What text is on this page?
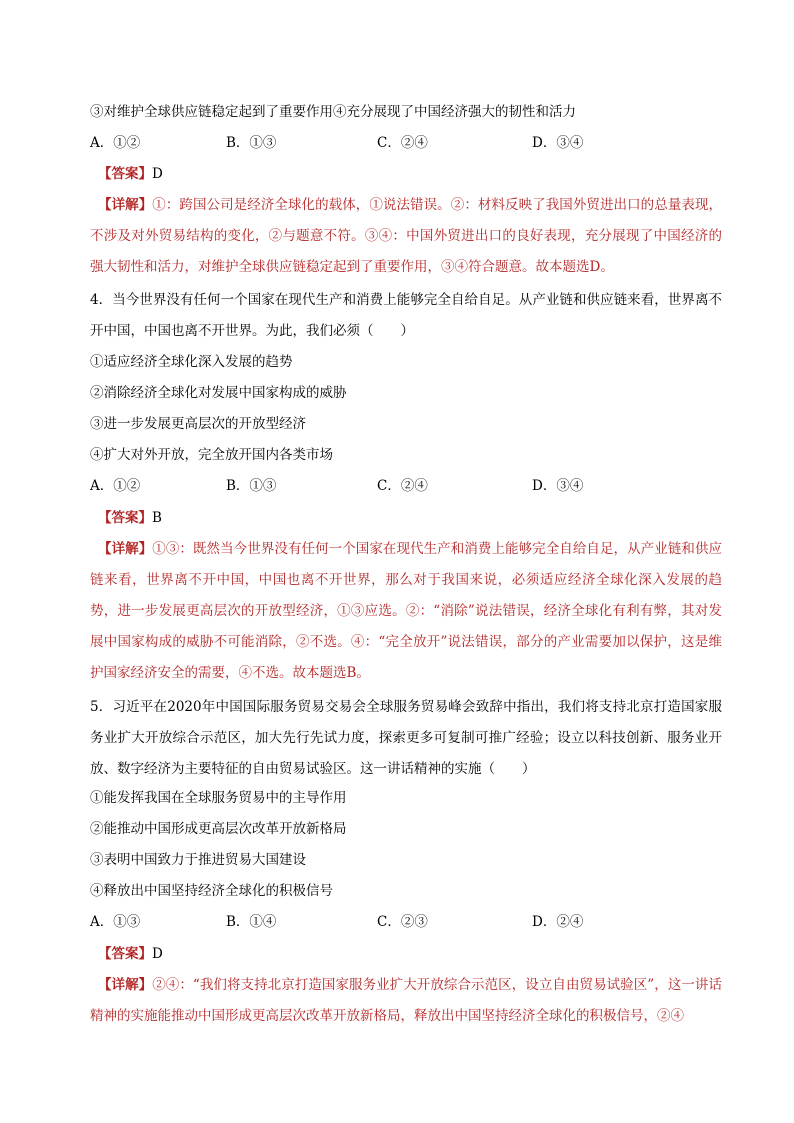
③对维护全球供应链稳定起到了重要作用④充分展现了中国经济强大的韧性和活力
A．①②	B．①③	C．②④	D．③④
【答案】D
【详解】①：跨国公司是经济全球化的载体，①说法错误。②：材料反映了我国外贸进出口的总量表现，不涉及对外贸易结构的变化，②与题意不符。③④：中国外贸进出口的良好表现，充分展现了中国经济的强大韧性和活力，对维护全球供应链稳定起到了重要作用，③④符合题意。故本题选D。
4．当今世界没有任何一个国家在现代生产和消费上能够完全自给自足。从产业链和供应链来看，世界离不开中国，中国也离不开世界。为此，我们必须（　　）
①适应经济全球化深入发展的趋势
②消除经济全球化对发展中国家构成的威胁
③进一步发展更高层次的开放型经济
④扩大对外开放，完全放开国内各类市场
A．①②	B．①③	C．②④	D．③④
【答案】B
【详解】①③：既然当今世界没有任何一个国家在现代生产和消费上能够完全自给自足，从产业链和供应链来看，世界离不开中国，中国也离不开世界，那么对于我国来说，必须适应经济全球化深入发展的趋势，进一步发展更高层次的开放型经济，①③应选。②：“消除”说法错误，经济全球化有利有弊，其对发展中国家构成的威胁不可能消除，②不选。④：“完全放开”说法错误，部分的产业需要加以保护，这是维护国家经济安全的需要，④不选。故本题选B。
5．习近平在2020年中国国际服务贸易交易会全球服务贸易峰会致辞中指出，我们将支持北京打造国家服务业扩大开放综合示范区，加大先行先试力度，探索更多可复制可推广经验；设立以科技创新、服务业开放、数字经济为主要特征的自由贸易试验区。这一讲话精神的实施（　　）
①能发挥我国在全球服务贸易中的主导作用
②能推动中国形成更高层次改革开放新格局
③表明中国致力于推进贸易大国建设
④释放出中国坚持经济全球化的积极信号
A．①③	B．①④	C．②③	D．②④
【答案】D
【详解】②④：“我们将支持北京打造国家服务业扩大开放综合示范区，设立自由贸易试验区”，这一讲话精神的实施能推动中国形成更高层次改革开放新格局，释放出中国坚持经济全球化的积极信号，②④
